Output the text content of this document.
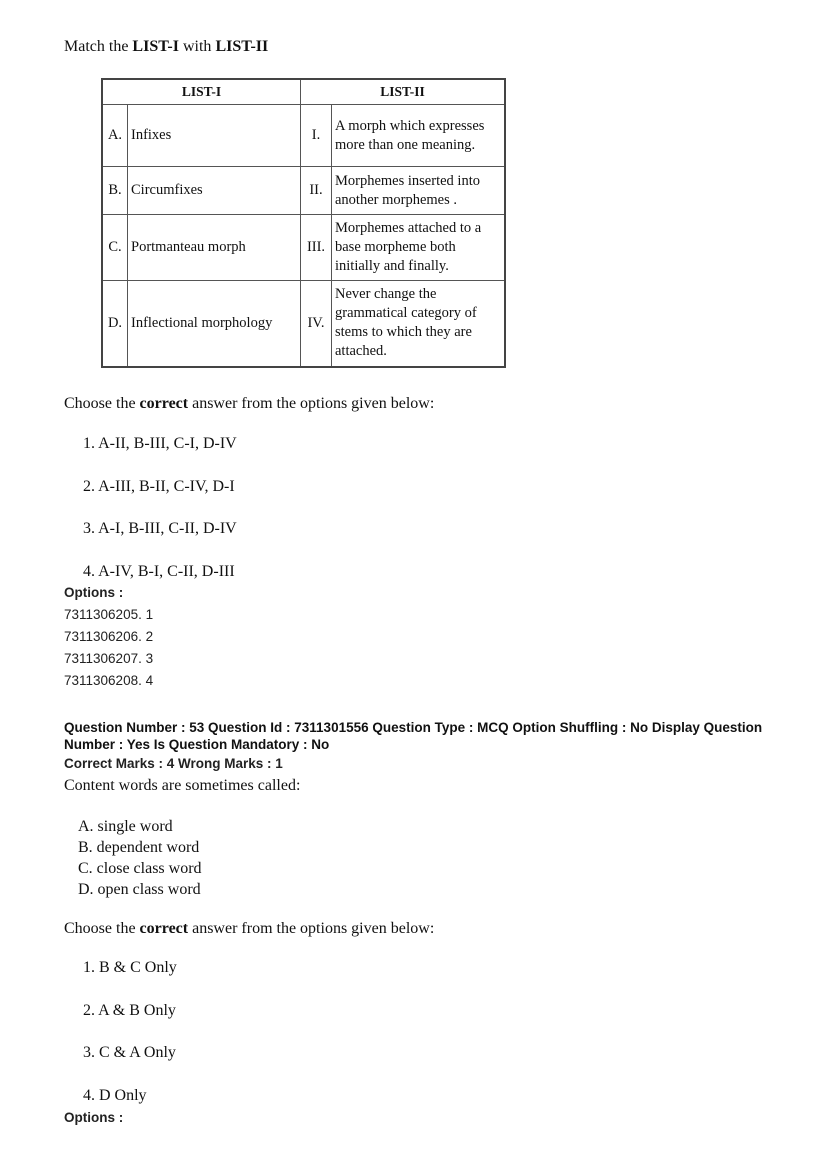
Match the LIST-I with LIST-II
LIST-I		LIST-II	
A.	Infixes	I.	A morph which expresses more than one meaning.
B.	Circumfixes	II.	Morphemes inserted into another morphemes .
C.	Portmanteau morph	III.	Morphemes attached to a base morpheme both initially and finally.
D.	Inflectional morphology	IV.	Never change the grammatical category of stems to which they are attached.
Choose the correct answer from the options given below:
1. A-II, B-III, C-I, D-IV
2. A-III, B-II, C-IV, D-I
3. A-I, B-III, C-II, D-IV
4. A-IV, B-I, C-II, D-III
Options :
7311306205. 1
7311306206. 2
7311306207. 3
7311306208. 4
Question Number : 53 Question Id : 7311301556 Question Type : MCQ Option Shuffling : No Display Question
Number : Yes Is Question Mandatory : No
Correct Marks : 4 Wrong Marks : 1
Content words are sometimes called:
A. single word
B. dependent word
C. close class word
D. open class word
Choose the correct answer from the options given below:
1. B & C Only
2. A & B Only
3. C & A Only
4. D Only
Options :
